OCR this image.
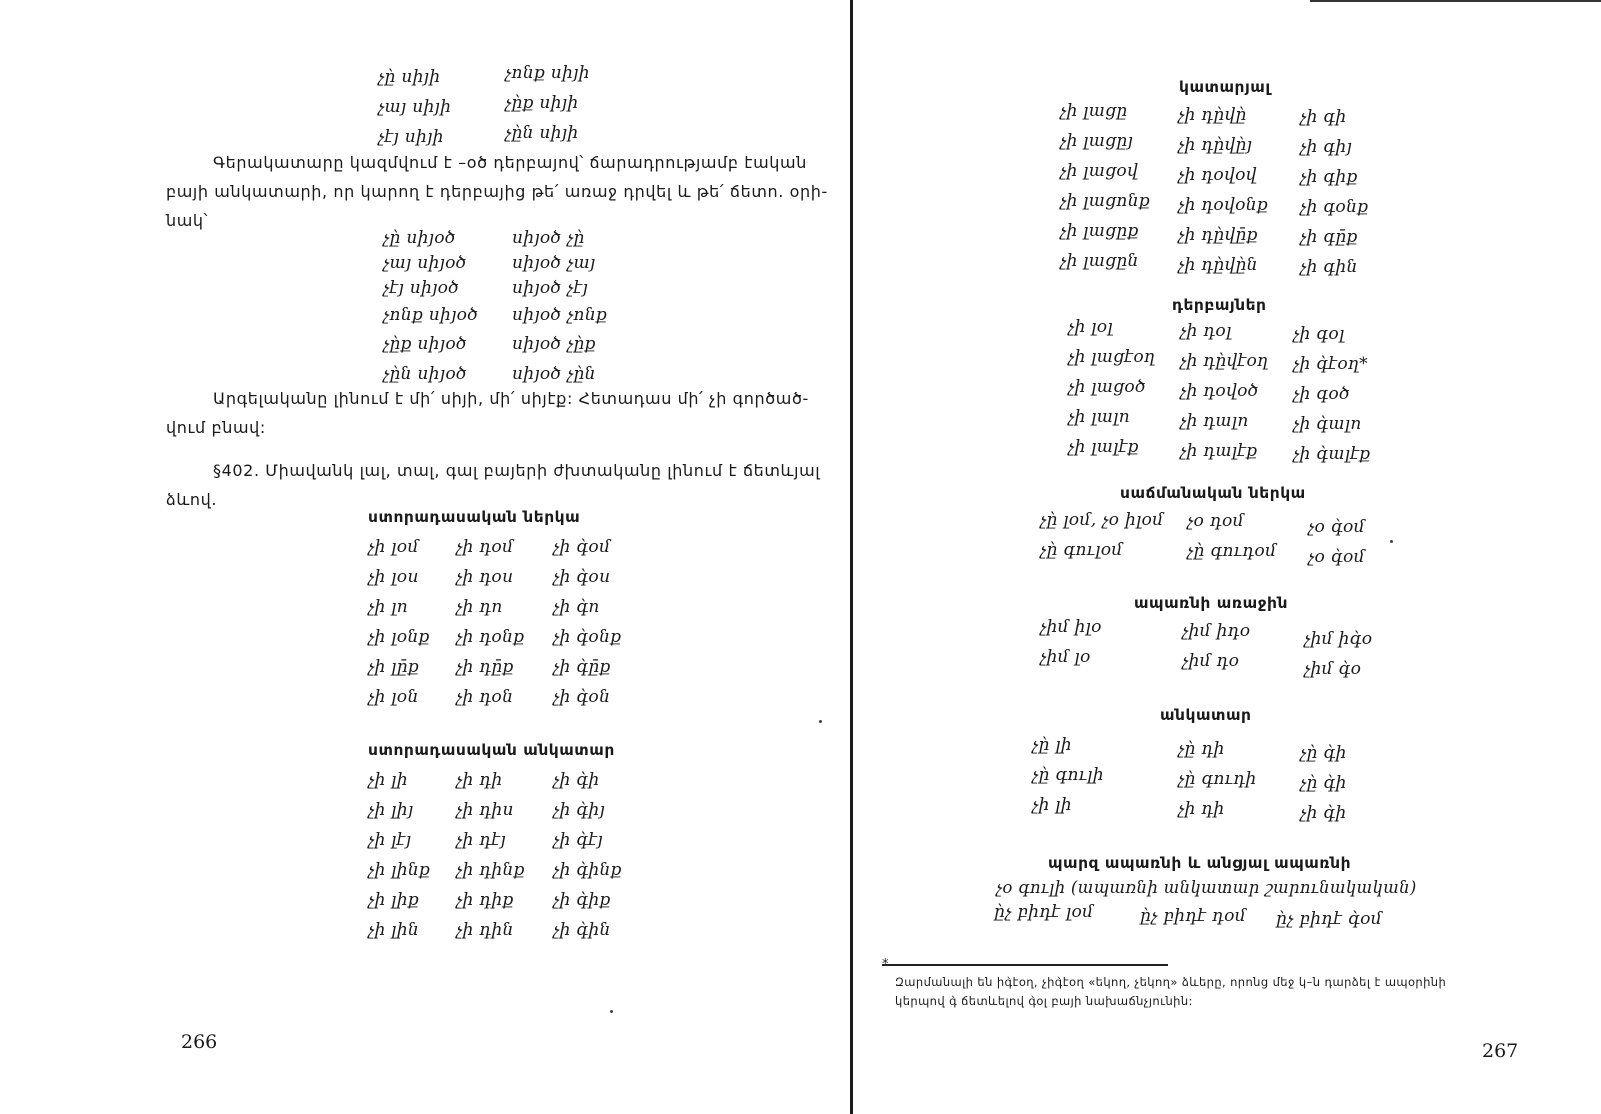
չը̀ սիյի
չայ սիյի
չէյ սիյի
չոնք սիյի
չը̀ք սիյի
չը̀ն սիյի
Գերակատարը կազմվում է –օծ դերբայով՝ ճարադրությամբ էական
բայի անկատարի, որ կարող է դերբայից թե՛ առաջ դրվել և թե՛ ճետո. օրի-
նակ՝
չը̀ սիյօծ
չայ սիյօծ
չէյ սիյօծ
չոնք սիյօծ
չը̀ք սիյօծ
չը̀ն սիյօծ
սիյօծ չը̀
սիյօծ չայ
սիյօծ չէյ
սիյօծ չոնք
սիյօծ չը̀ք
սիյօծ չը̀ն
Արգելականը լինում է մի՛ սիյի, մի՛ սիյէք: Հետադաս մի՛ չի գործած-
վում բնավ:
§402. Միավանկ լալ, տալ, գալ բայերի ժխտականը լինում է ճետևյալ
ձևով.
ստորադասական ներկա
չի լօմ
չի լօu
չի լn
չի լօնք
չի լը̄ք
չի լօն
չի դօմ
չի դօu
չի դn
չի դօնք
չի դը̄ք
չի դօն
չի գ̀օմ
չի գ̀օu
չի գ̀n
չի գ̀օնք
չի գ̀ը̄ք
չի գ̀օն
ստորադասական անկատար
չի լի
չի լիյ
չի լէյ
չի լինք
չի լիք
չի լին
չի դի
չի դիս
չի դէյ
չի դինք
չի դիք
չի դին
չի գ̀ի
չի գ̀իյ
չի գ̀էյ
չի գ̀ինք
չի գ̀իք
չի գ̀ին
266
կատարյալ
չի լացը
չի լացըյ
չի լացօվ
չի լացոնք
չի լացըք
չի լացըն
չի դը̀վը̀
չի դը̀վը̀յ
չի դօվօվ
չի դօվօնք
չի դը̀վը̄ք
չի դը̀վը̀ն
չի գի
չի գիյ
չի գիք
չի գօնք
չի գը̄ք
չի գին
դերբայներ
չի լօլ
չի լացէօղ
չի լացօծ
չի լալn
չի լալէք
չի դօլ
չի դը̀վէօղ
չի դօվօծ
չի դալn
չի դալէք
չի գօլ
չի գ̀էօղ*
չի գօծ
չի գ̀ալn
չի գ̀ալէք
սաճմանական ներկա
չը̀ լօմ, չօ իլօմ
չը̀ գուլօմ
չօ դօմ
չը̀ գուդօմ
չօ գ̀օմ
չօ գ̀օմ
ապառնի առաջին
չիմ իլօ
չիմ լօ
չիմ իդօ
չիմ դօ
չիմ իգ̀օ
չիմ գ̀օ
անկատար
չը̀ լի
չը̀ գուլի
չի լի
չը̀ դի
չը̀ գուդի
չի դի
չը̀ գ̀ի
չը̀ գ̀ի
չի գ̀ի
պարզ ապառնի և անցյալ ապառնի
չօ գուլի (ապառնի անկատար շարունակական)
ը̀չ բիդէ լօմ	ը̀չ բիդէ դօմ ը̀չ բիդէ գ̀օմ
*
Զարմանալի են իգ̀էօղ, չիգ̀էօղ «եկող, չեկող» ձևերը, որոնց մեջ կ–ն դարձել է ապօրինի
կերպով գ̀ ճետևելով գ̀օլ բայի նախաճնչյունին:
267
